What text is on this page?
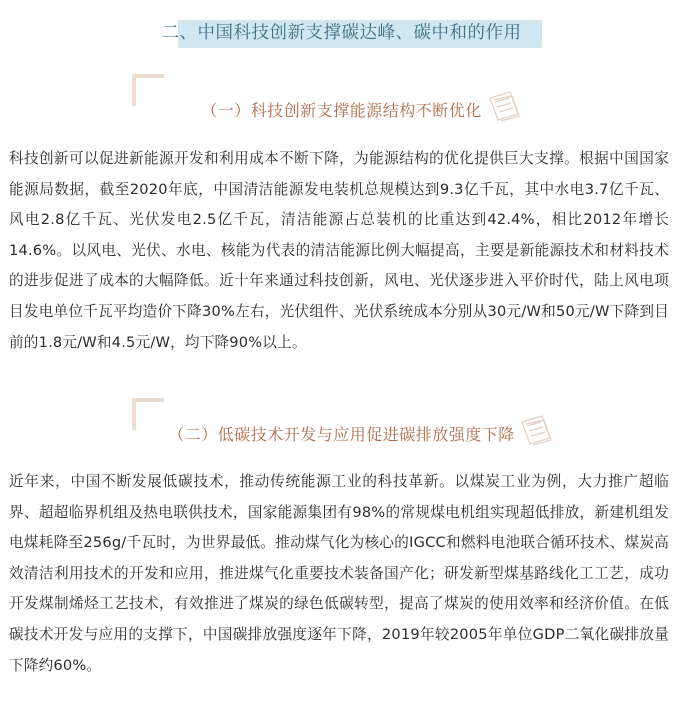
二、中国科技创新支撑碳达峰、碳中和的作用
（一）科技创新支撑能源结构不断优化

科技创新可以促进新能源开发和利用成本不断下降，为能源结构的优化提供巨大支撑。根据中国国家能源局数据，截至2020年底，中国清洁能源发电装机总规模达到9.3亿千瓦，其中水电3.7亿千瓦、风电2.8亿千瓦、光伏发电2.5亿千瓦，清洁能源占总装机的比重达到42.4%，相比2012年增长14.6%。以风电、光伏、水电、核能为代表的清洁能源比例大幅提高，主要是新能源技术和材料技术的进步促进了成本的大幅降低。近十年来通过科技创新，风电、光伏逐步进入平价时代，陆上风电项目发电单位千瓦平均造价下降30%左右，光伏组件、光伏系统成本分别从30元/W和50元/W下降到目前的1.8元/W和4.5元/W，均下降90%以上。

（二）低碳技术开发与应用促进碳排放强度下降

近年来，中国不断发展低碳技术，推动传统能源工业的科技革新。以煤炭工业为例，大力推广超临界、超超临界机组及热电联供技术，国家能源集团有98%的常规煤电机组实现超低排放，新建机组发电煤耗降至256g/千瓦时，为世界最低。推动煤气化为核心的IGCC和燃料电池联合循环技术、煤炭高效清洁利用技术的开发和应用，推进煤气化重要技术装备国产化；研发新型煤基路线化工工艺，成功开发煤制烯烃工艺技术，有效推进了煤炭的绿色低碳转型，提高了煤炭的使用效率和经济价值。在低碳技术开发与应用的支撑下，中国碳排放强度逐年下降，2019年较2005年单位GDP二氧化碳排放量下降约60%。
